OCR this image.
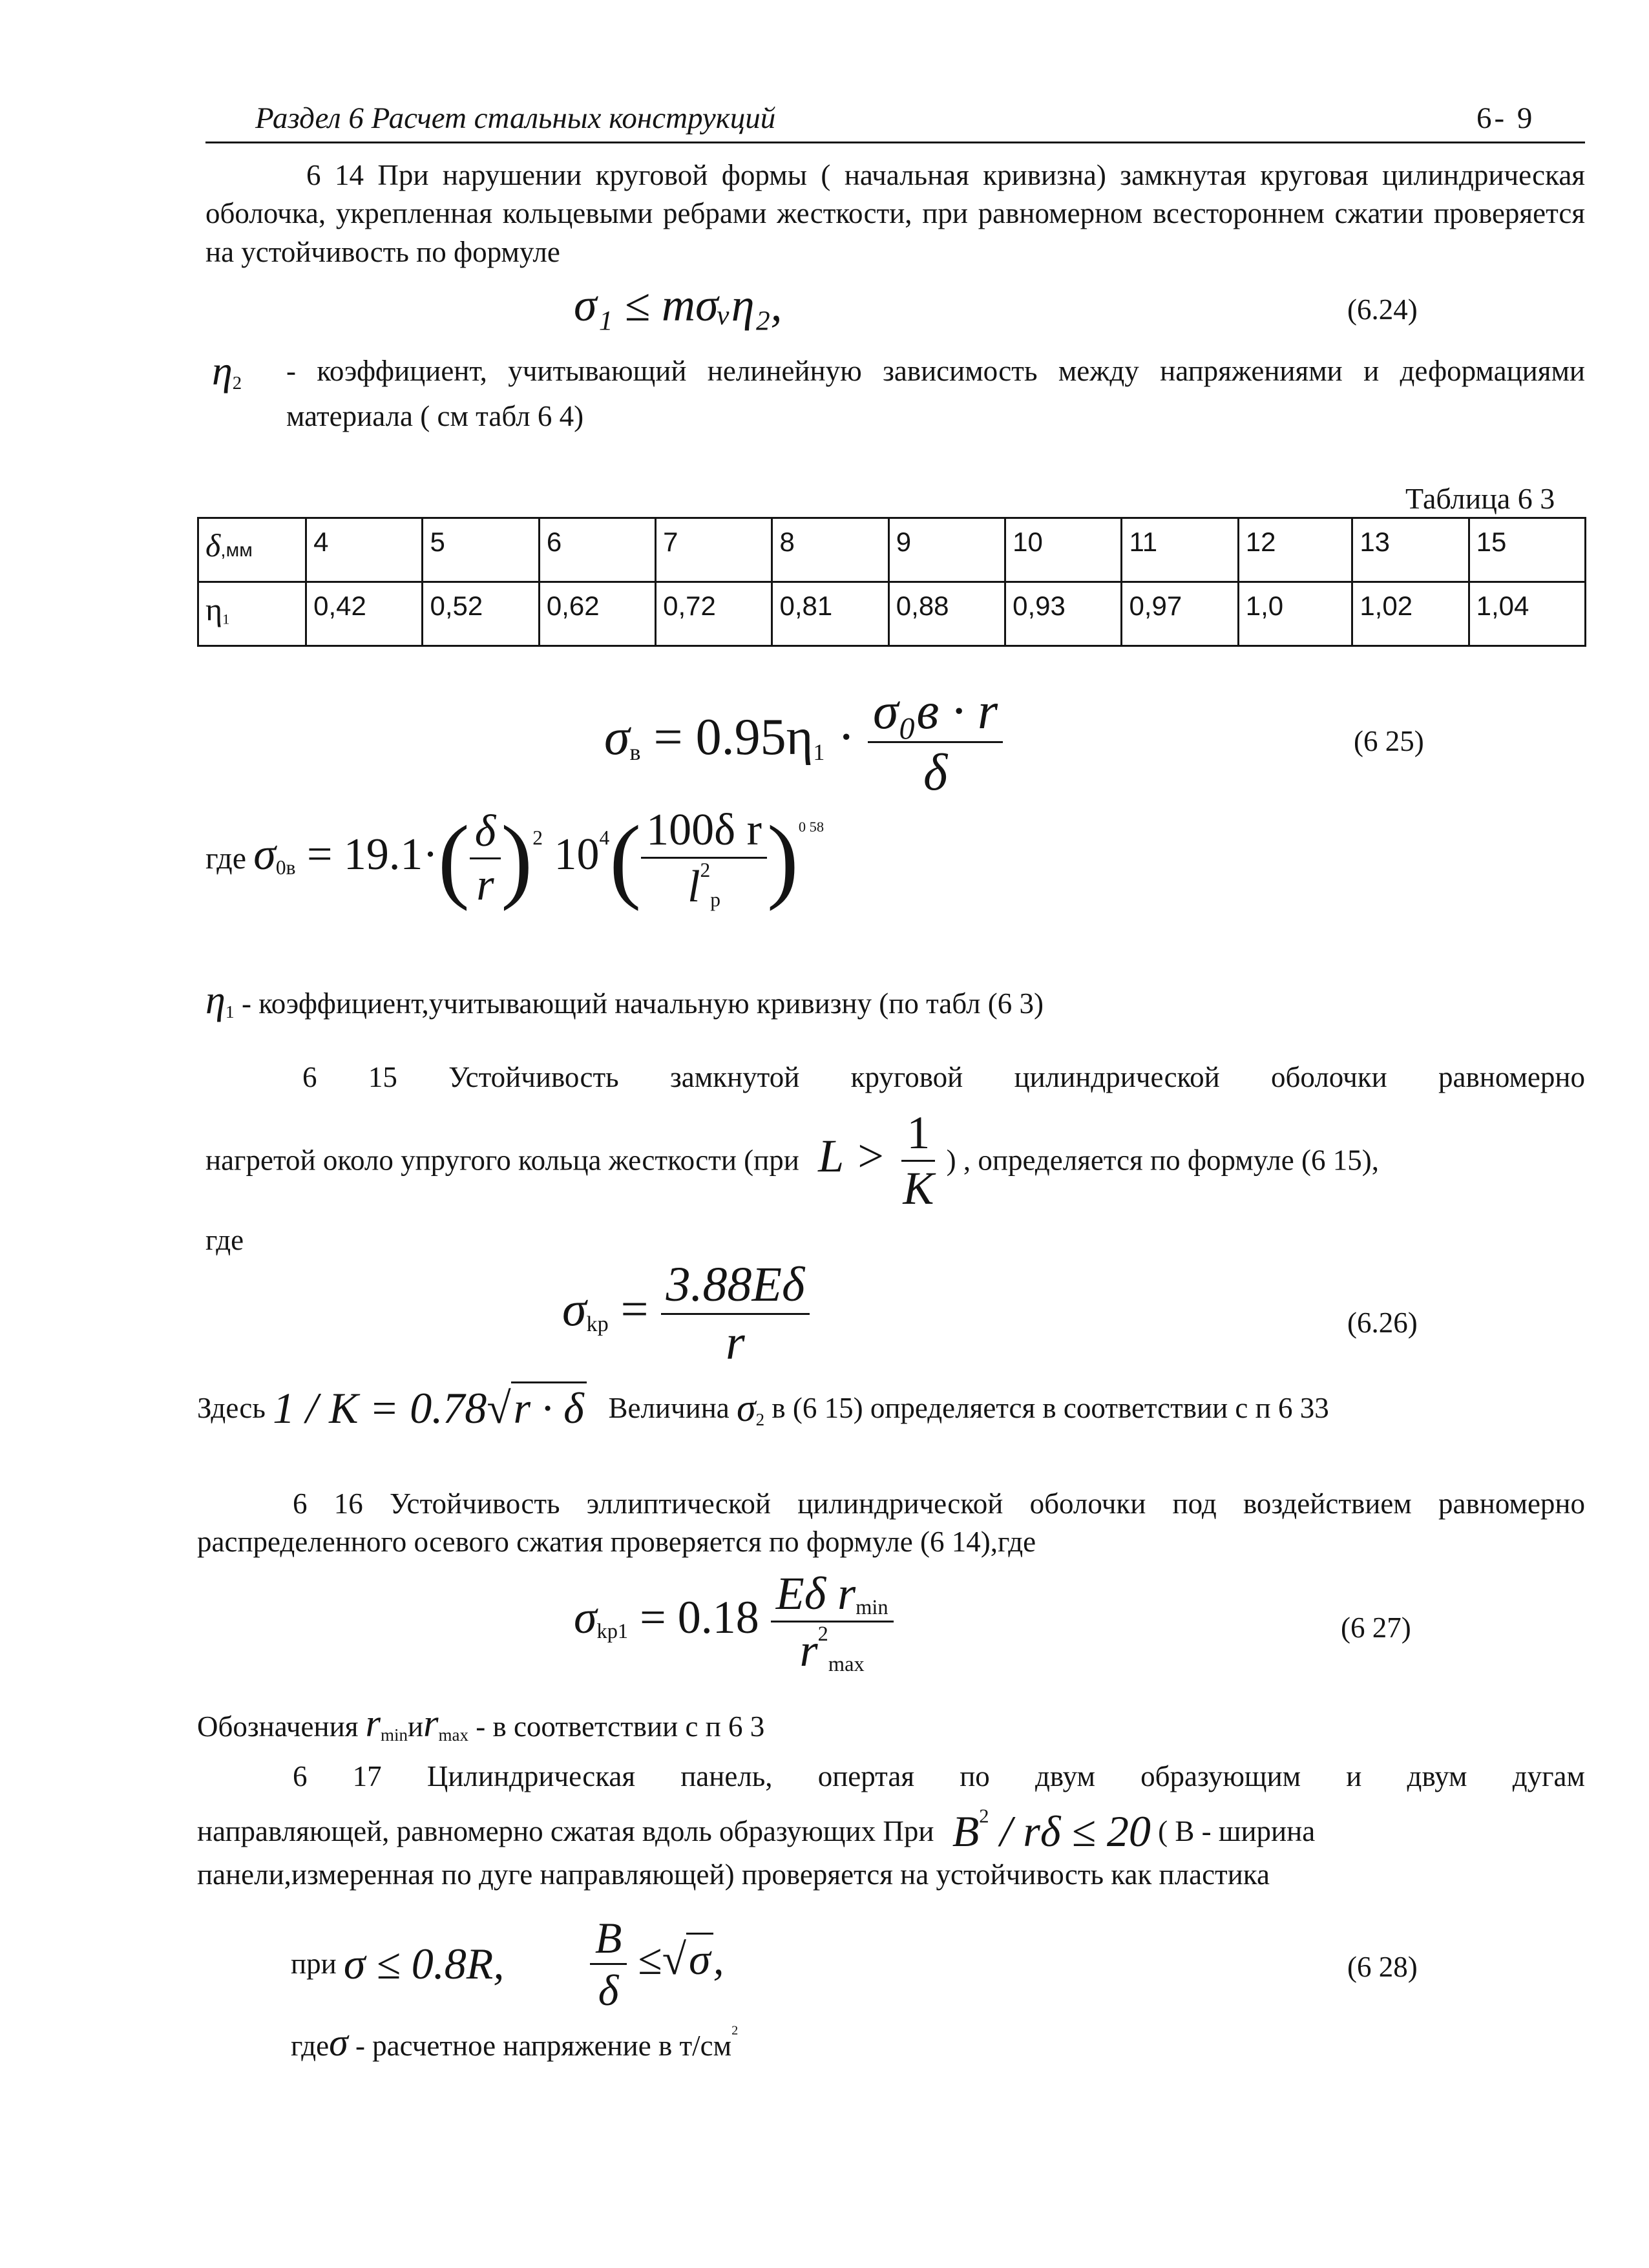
Раздел 6 Расчет стальных конструкций	6- 9
6 14 При нарушении круговой формы ( начальная кривизна) замкнутая круговая цилиндрическая оболочка, укрепленная кольцевыми ребрами жесткости, при равномерном всестороннем сжатии проверяется на устойчивость по формуле
σ₁ ≤ mσᵥη₂,	(6.24)
$\eta_2$ - коэффициент, учитывающий нелинейную зависимость между напряжениями и деформациями материала ( см табл 6 4)
Таблица 6 3
δ,мм	4	5	6	7	8	9	10	11	12	13	15
$\eta_1$	0,42	0,52	0,62	0,72	0,81	0,88	0,93	0,97	1,0	1,02	1,04
$\sigma_в = 0.95\eta_1 \cdot \frac{\text{σ₀в · r}}{\delta}$	(6 25)
где $\sigma_{0в} = 19.1\cdot( \frac{\delta}{r} )^2$ $10^4( \frac{\text{100δ r}}{l^2_р} )^{0 58}$
$\eta_1$ - коэффициент,учитывающий начальную кривизну (по табл (6 3)
6 15 Устойчивость замкнутой круговой цилиндрической оболочки равномерно
нагретой около упругого кольца жесткости (при $L > \frac{1}{K}$ ) , определяется по формуле (6 15),
где
$\sigma_{kp} = \frac{3.88E\delta}{r}$	(6.26)
Здесь 1 / K = 0.78√r · δ Величина $\sigma_2$ в (6 15) определяется в соответствии с п 6 33
6 16 Устойчивость эллиптической цилиндрической оболочки под воздействием равномерно распределенного осевого сжатия проверяется по формуле (6 14),где
$\sigma_{kp1} = 0.18 \frac{E\delta r_{min}}{r^2_{max}}$	(6 27)
Обозначения $r_{min}иr_{max}$ - в соответствии с п 6 3
6 17 Цилиндрическая панель, опертая по двум образующим и двум дугам
направляющей, равномерно сжатая вдоль образующих При $B^2 / r\delta \le 20$ ( В - ширина
панели,измеренная по дуге направляющей) проверяется на устойчивость как пластика
при σ ≤ 0.8R, $\frac{B}{\delta} \le√\sigma$,	(6 28)
гдеσ - расчетное напряжение в $т/см^2$
